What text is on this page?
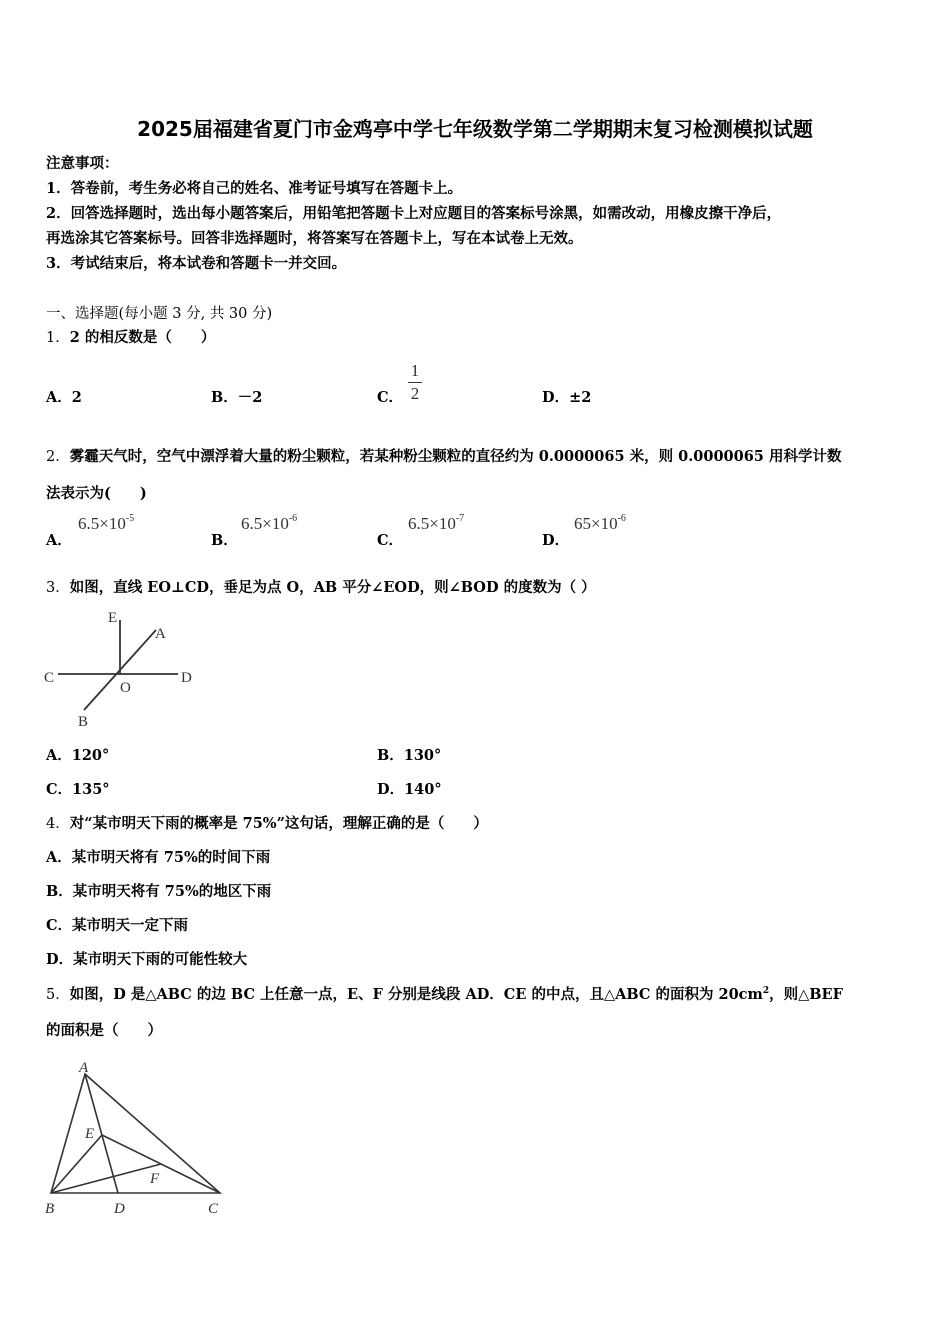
2025届福建省夏门市金鸡亭中学七年级数学第二学期期末复习检测模拟试题
注意事项：
1．答卷前，考生务必将自己的姓名、准考证号填写在答题卡上。
2．回答选择题时，选出每小题答案后，用铅笔把答题卡上对应题目的答案标号涂黑，如需改动，用橡皮擦干净后，
再选涂其它答案标号。回答非选择题时，将答案写在答题卡上，写在本试卷上无效。
3．考试结束后，将本试卷和答题卡一并交回。
一、选择题(每小题 3 分, 共 30 分)
1．2 的相反数是（　　）
A．2	B．－2	C．
1
2	D．±2
2．雾霾天气时，空气中漂浮着大量的粉尘颗粒，若某种粉尘颗粒的直径约为 0.0000065 米，则 0.0000065 用科学计数
法表示为(　　)
A．
$6.5\times 10^{-5}$
B．
$6.5\times 10^{-6}$
C．
$6.5\times 10^{-7}$
D．
$65\times 10^{-6}$
3．如图，直线 EO⊥CD，垂足为点 O，AB 平分∠EOD，则∠BOD 的度数为（ ）
E
A
C
O
D
B
A．120°	B．130°
C．135°	D．140°
4．对“某市明天下雨的概率是 75%”这句话，理解正确的是（　　）
A．某市明天将有 75%的时间下雨
B．某市明天将有 75%的地区下雨
C．某市明天一定下雨
D．某市明天下雨的可能性较大
5．如图，D 是△ABC 的边 BC 上任意一点，E、F 分别是线段 AD．CE 的中点，且△ABC 的面积为 $20cm^2$，则△BEF
的面积是（　　）
A
E
F
B	D	C
